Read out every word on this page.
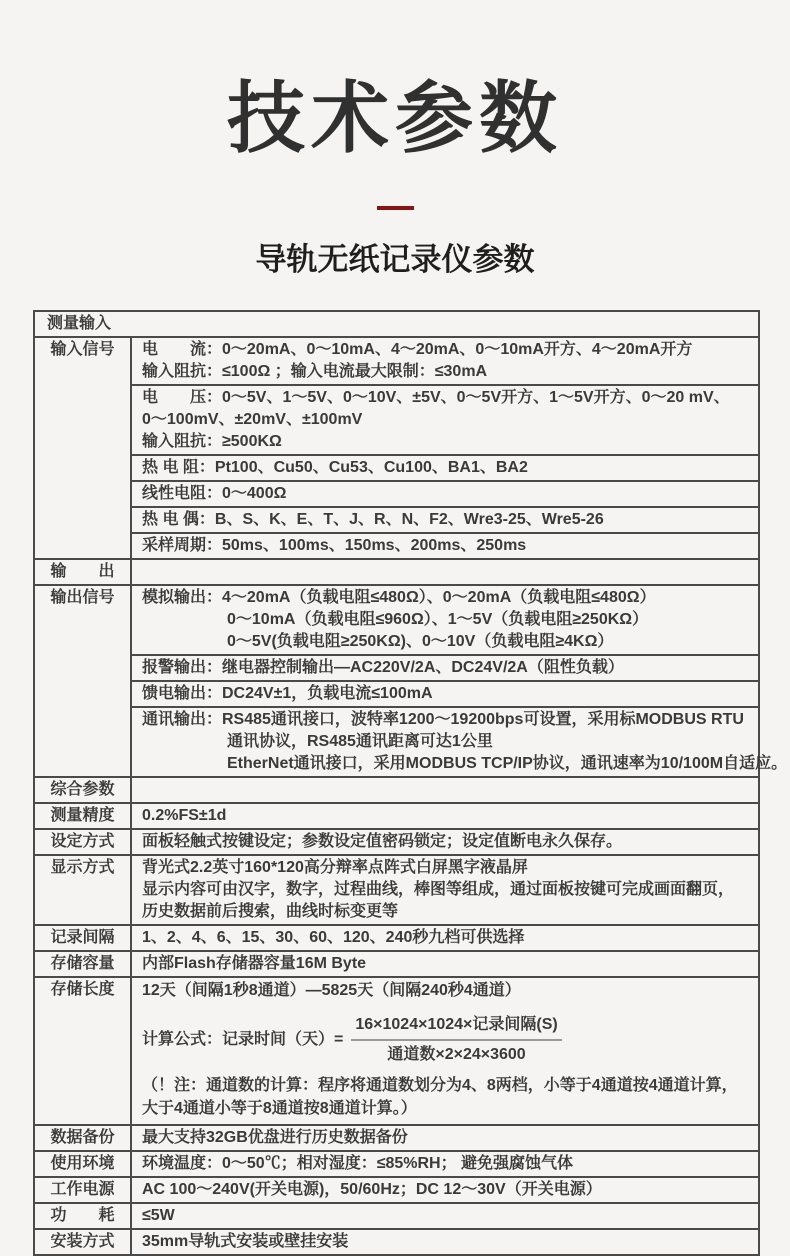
技术参数
导轨无纸记录仪参数
测量输入
输入信号	电　　流：0～20mA、0～10mA、4～20mA、0～10mA开方、4～20mA开方
输入阻抗：≤100Ω ；输入电流最大限制：≤30mA
电　　压：0～5V、1～5V、0～10V、±5V、0～5V开方、1～5V开方、0～20 mV、
0～100mV、±20mV、±100mV
输入阻抗：≥500KΩ
热 电 阻：Pt100、Cu50、Cu53、Cu100、BA1、BA2
线性电阻：0～400Ω
热 电 偶：B、S、K、E、T、J、R、N、F2、Wre3-25、Wre5-26
采样周期：50ms、100ms、150ms、200ms、250ms
输　　出
输出信号	模拟输出：4～20mA（负载电阻≤480Ω）、0～20mA（负载电阻≤480Ω）
0～10mA（负载电阻≤960Ω）、1～5V（负载电阻≥250KΩ）
0～5V(负载电阻≥250KΩ)、0～10V（负载电阻≥4KΩ）
报警输出：继电器控制输出—AC220V/2A、DC24V/2A（阻性负载）
馈电输出：DC24V±1，负载电流≤100mA
通讯输出：RS485通讯接口，波特率1200～19200bps可设置，采用标MODBUS RTU
通讯协议，RS485通讯距离可达1公里
EtherNet通讯接口，采用MODBUS TCP/IP协议，通讯速率为10/100M自适应。
综合参数
测量精度	0.2%FS±1d
设定方式	面板轻触式按键设定；参数设定值密码锁定；设定值断电永久保存。
显示方式	背光式2.2英寸160*120高分辩率点阵式白屏黑字液晶屏
显示内容可由汉字，数字，过程曲线，棒图等组成，通过面板按键可完成画面翻页，
历史数据前后搜索，曲线时标变更等
记录间隔	1、2、4、6、15、30、60、120、240秒九档可供选择
存储容量	内部Flash存储器容量16M Byte
存储长度	12天（间隔1秒8通道）—5825天（间隔240秒4通道）
计算公式：记录时间（天）= $\frac{\text{16×1024×1024×记录间隔(S)}}{\text{通道数×2×24×3600}}$
（！注：通道数的计算：程序将通道数划分为4、8两档，小等于4通道按4通道计算，
大于4通道小等于8通道按8通道计算。）
数据备份	最大支持32GB优盘进行历史数据备份
使用环境	环境温度：0～50℃；相对湿度：≤85%RH； 避免强腐蚀气体
工作电源	AC 100～240V(开关电源)，50/60Hz；DC 12～30V（开关电源）
功　　耗	≤5W
安装方式	35mm导轨式安装或壁挂安装
